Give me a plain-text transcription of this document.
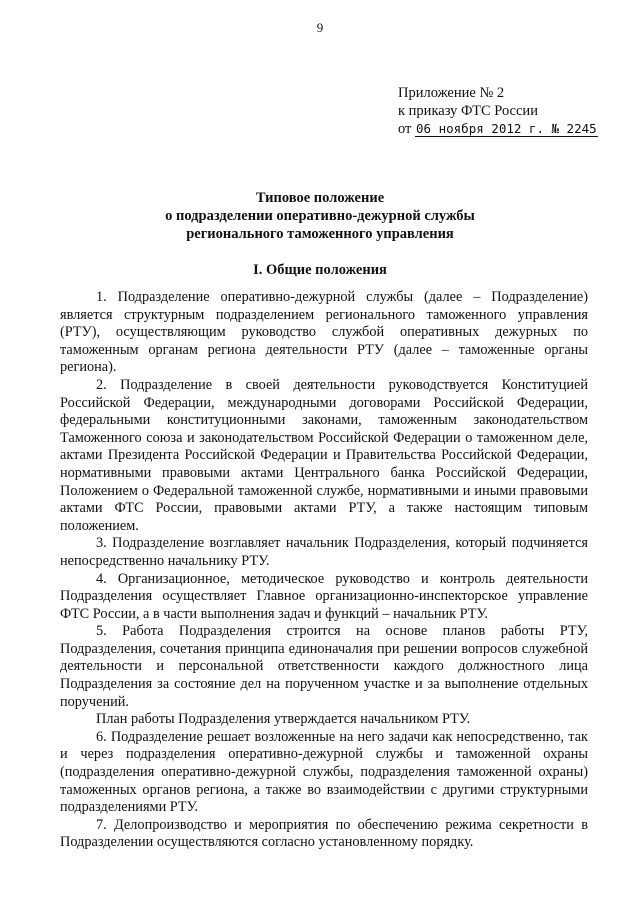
9
Приложение № 2
к приказу ФТС России
от 06 ноября 2012 г. № 2245
Типовое положение
о подразделении оперативно-дежурной службы
регионального таможенного управления
I. Общие положения

1. Подразделение оперативно-дежурной службы (далее – Подразделение) является структурным подразделением регионального таможенного управления (РТУ), осуществляющим руководство службой оперативных дежурных по таможенным органам региона деятельности РТУ (далее – таможенные органы региона).

2. Подразделение в своей деятельности руководствуется Конституцией Российской Федерации, международными договорами Российской Федерации, федеральными конституционными законами, таможенным законодательством Таможенного союза и законодательством Российской Федерации о таможенном деле, актами Президента Российской Федерации и Правительства Российской Федерации, нормативными правовыми актами Центрального банка Российской Федерации, Положением о Федеральной таможенной службе, нормативными и иными правовыми актами ФТС России, правовыми актами РТУ, а также настоящим типовым положением.

3. Подразделение возглавляет начальник Подразделения, который подчиняется непосредственно начальнику РТУ.

4. Организационное, методическое руководство и контроль деятельности Подразделения осуществляет Главное организационно-инспекторское управление ФТС России, а в части выполнения задач и функций – начальник РТУ.

5. Работа Подразделения строится на основе планов работы РТУ, Подразделения, сочетания принципа единоначалия при решении вопросов служебной деятельности и персональной ответственности каждого должностного лица Подразделения за состояние дел на порученном участке и за выполнение отдельных поручений.

План работы Подразделения утверждается начальником РТУ.

6. Подразделение решает возложенные на него задачи как непосредственно, так и через подразделения оперативно-дежурной службы и таможенной охраны (подразделения оперативно-дежурной службы, подразделения таможенной охраны) таможенных органов региона, а также во взаимодействии с другими структурными подразделениями РТУ.

7. Делопроизводство и мероприятия по обеспечению режима секретности в Подразделении осуществляются согласно установленному порядку.
